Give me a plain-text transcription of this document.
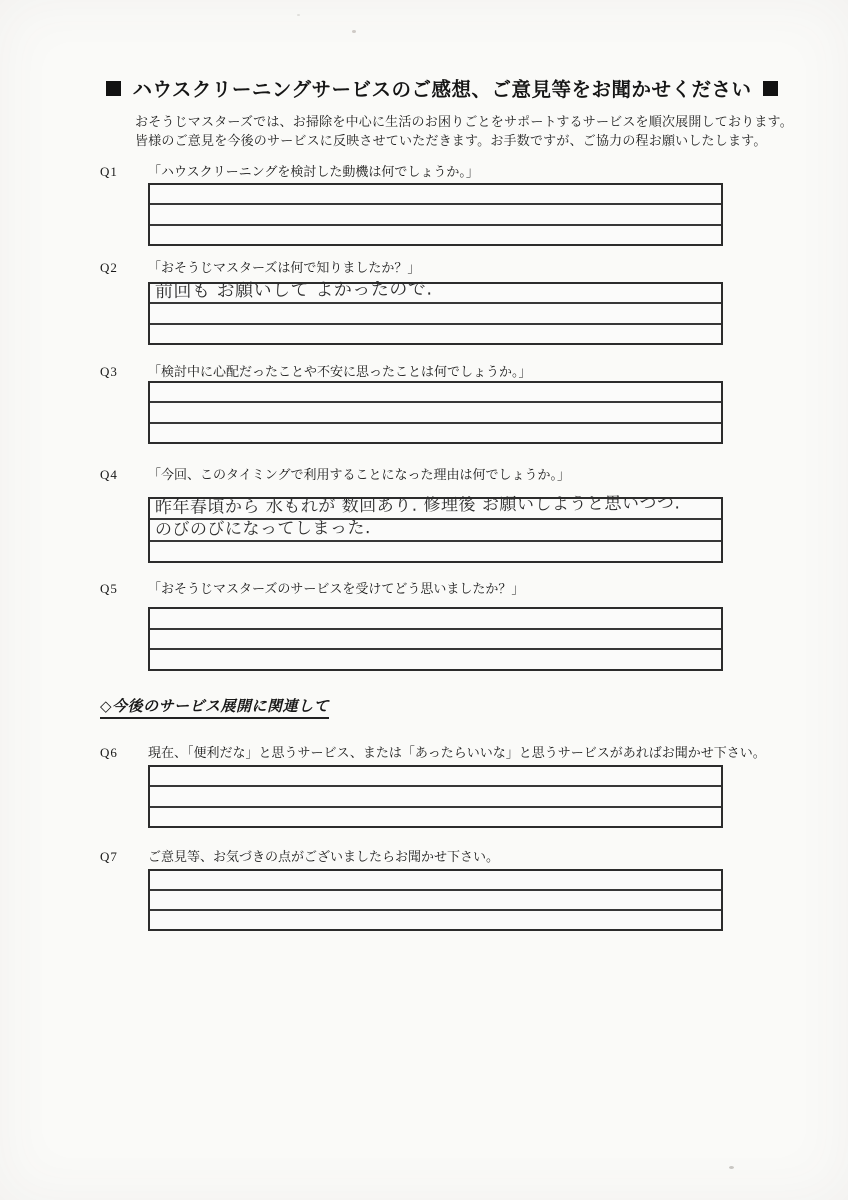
ハウスクリーニングサービスのご感想、ご意見等をお聞かせください

おそうじマスターズでは、お掃除を中心に生活のお困りごとをサポートするサービスを順次展開しております。
皆様のご意見を今後のサービスに反映させていただきます。お手数ですが、ご協力の程お願いしたします。

Q1 「ハウスクリーニングを検討した動機は何でしょうか。」
Q2 「おそうじマスターズは何で知りましたか？」
前回も お願いして よかったので.
Q3 「検討中に心配だったことや不安に思ったことは何でしょうか。」
Q4 「今回、このタイミングで利用することになった理由は何でしょうか。」
昨年春頃から 水もれが 数回あり. 修理後 お願いしようと思いつつ.
のびのびになってしまった.
Q5 「おそうじマスターズのサービスを受けてどう思いましたか？」
◇今後のサービス展開に関連して
Q6 現在、「便利だな」と思うサービス、または「あったらいいな」と思うサービスがあればお聞かせ下さい。
Q7 ご意見等、お気づきの点がございましたらお聞かせ下さい。
